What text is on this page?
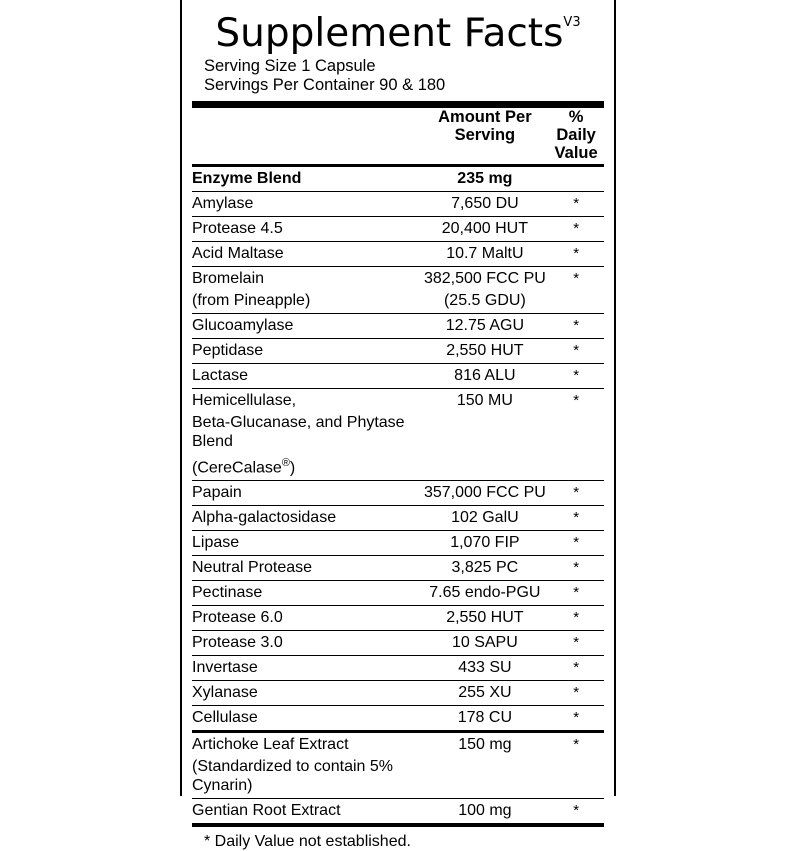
Supplement Facts$^{V3}$
Serving Size 1 Capsule
Servings Per Container 90 & 180

Amount Per
Serving

% Daily
Value

Enzyme Blend	235 mg	
Amylase	7,650 DU	*
Protease 4.5	20,400 HUT	*
Acid Maltase	10.7 MaltU	*
Bromelain	382,500 FCC PU	*
(from Pineapple)	(25.5 GDU)	
Glucoamylase	12.75 AGU	*
Peptidase	2,550 HUT	*
Lactase	816 ALU	*
Hemicellulase,	150 MU	*
Beta-Glucanase, and Phytase Blend		
(CereCalase®)		
Papain	357,000 FCC PU	*
Alpha-galactosidase	102 GalU	*
Lipase	1,070 FIP	*
Neutral Protease	3,825 PC	*
Pectinase	7.65 endo-PGU	*
Protease 6.0	2,550 HUT	*
Protease 3.0	10 SAPU	*
Invertase	433 SU	*
Xylanase	255 XU	*
Cellulase	178 CU	*
Artichoke Leaf Extract	150 mg	*
(Standardized to contain 5% Cynarin)		
Gentian Root Extract	100 mg	*
* Daily Value not established.
